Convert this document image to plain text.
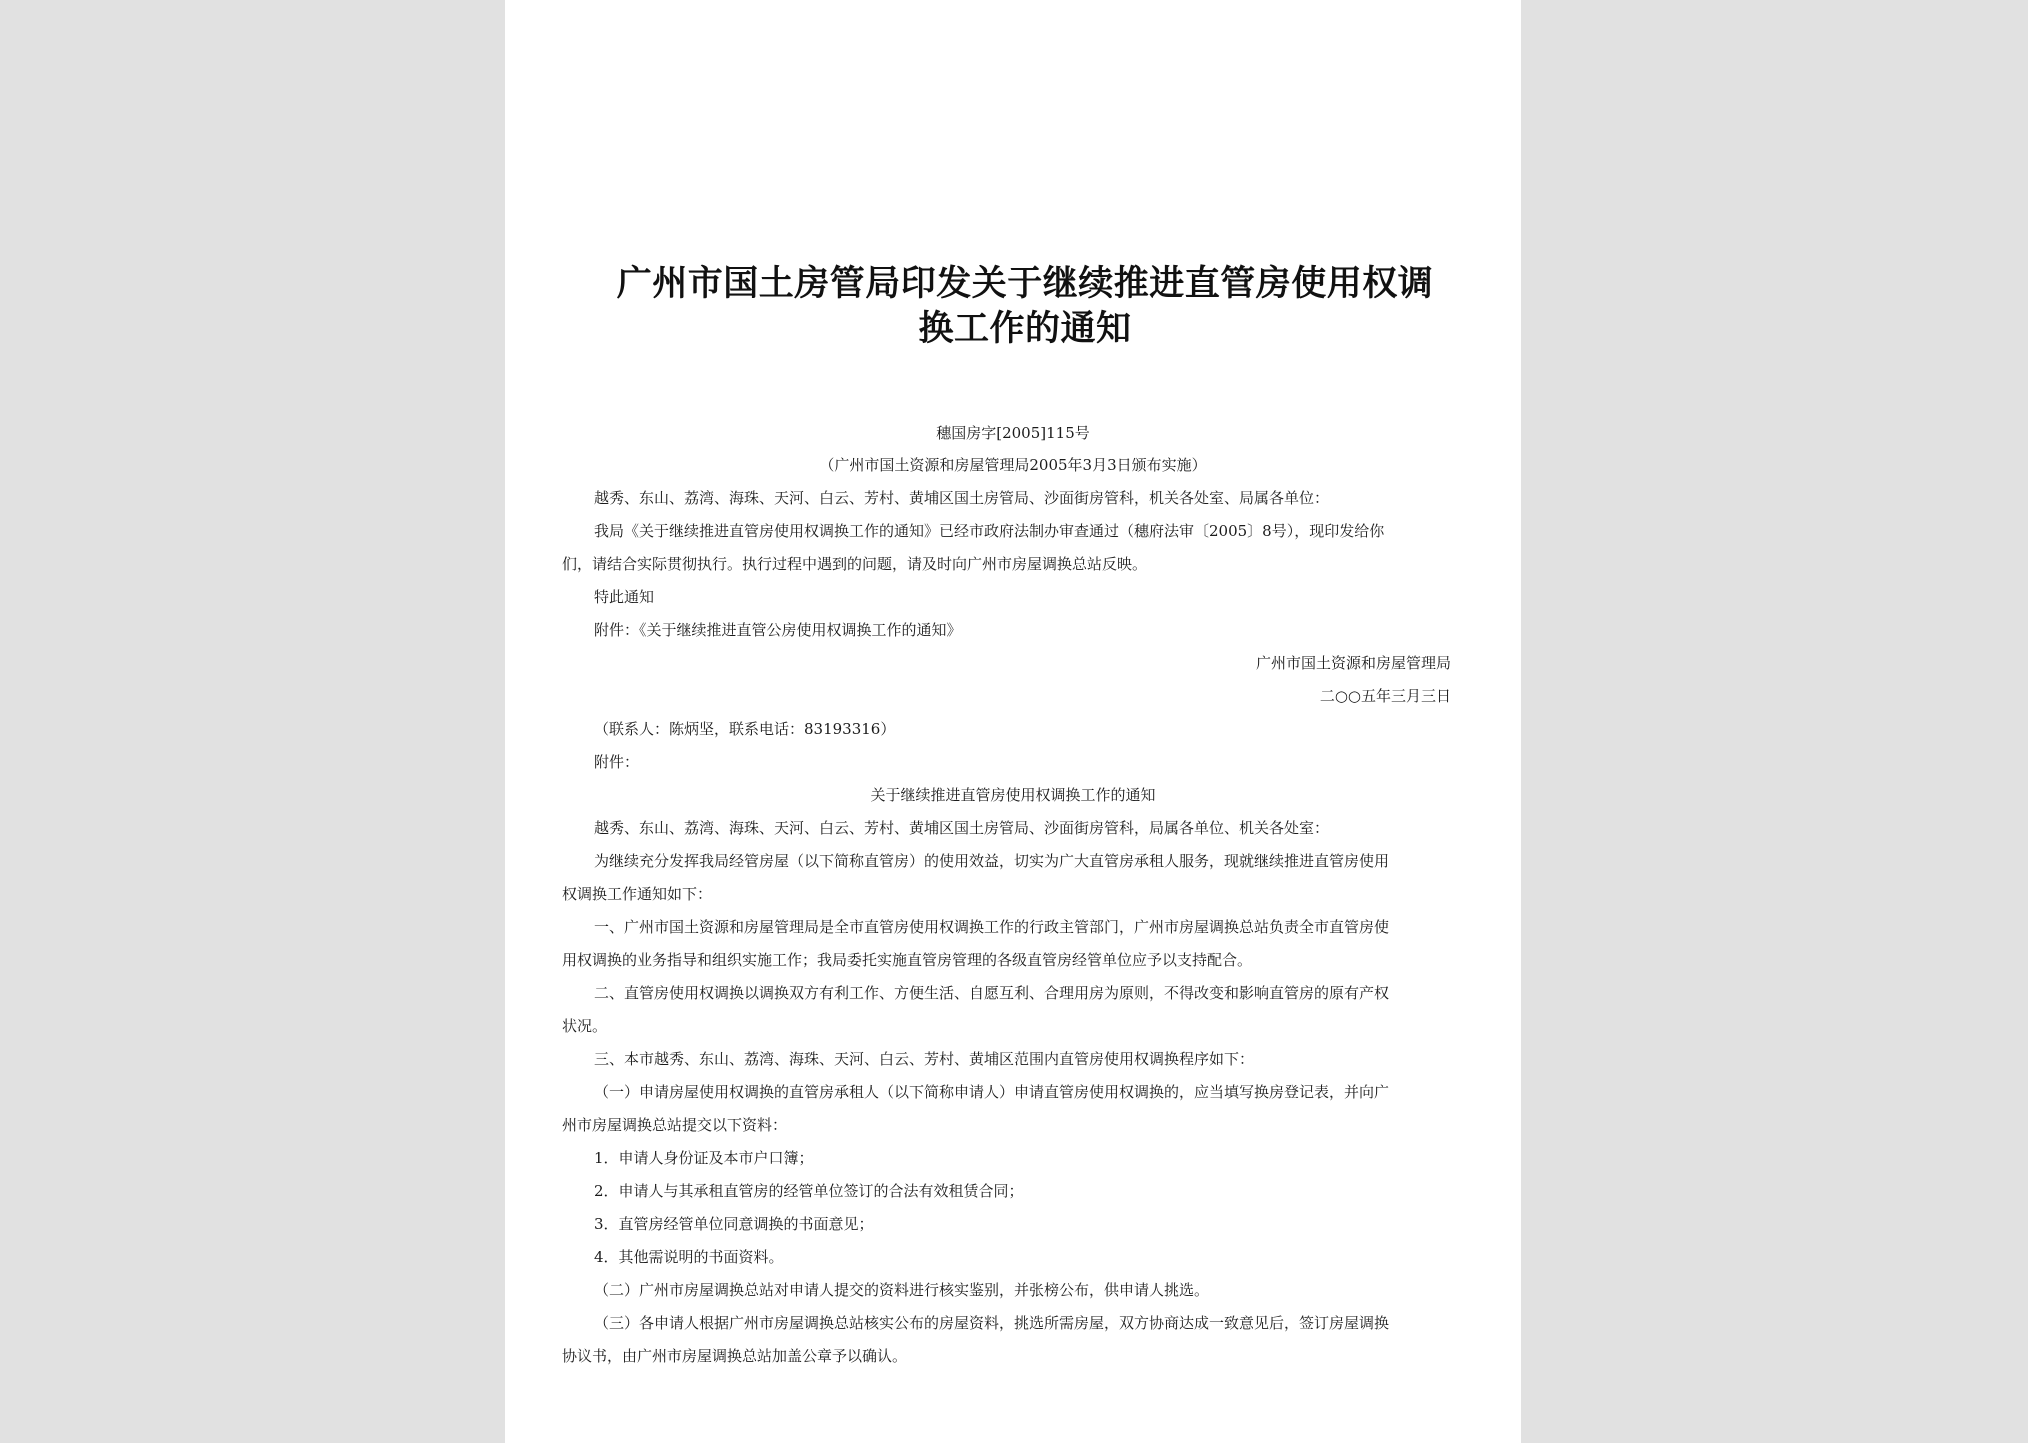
广州市国土房管局印发关于继续推进直管房使用权调
换工作的通知
穗国房字[2005]115号
（广州市国土资源和房屋管理局2005年3月3日颁布实施）
越秀、东山、荔湾、海珠、天河、白云、芳村、黄埔区国土房管局、沙面街房管科，机关各处室、局属各单位：
我局《关于继续推进直管房使用权调换工作的通知》已经市政府法制办审查通过（穗府法审〔2005〕8号），现印发给你
们，请结合实际贯彻执行。执行过程中遇到的问题，请及时向广州市房屋调换总站反映。
特此通知
附件：《关于继续推进直管公房使用权调换工作的通知》
广州市国土资源和房屋管理局
二○○五年三月三日
（联系人：陈炳坚，联系电话：83193316）
附件：
关于继续推进直管房使用权调换工作的通知
越秀、东山、荔湾、海珠、天河、白云、芳村、黄埔区国土房管局、沙面街房管科，局属各单位、机关各处室：
为继续充分发挥我局经管房屋（以下简称直管房）的使用效益，切实为广大直管房承租人服务，现就继续推进直管房使用
权调换工作通知如下：
一、广州市国土资源和房屋管理局是全市直管房使用权调换工作的行政主管部门，广州市房屋调换总站负责全市直管房使
用权调换的业务指导和组织实施工作；我局委托实施直管房管理的各级直管房经管单位应予以支持配合。
二、直管房使用权调换以调换双方有利工作、方便生活、自愿互利、合理用房为原则，不得改变和影响直管房的原有产权
状况。
三、本市越秀、东山、荔湾、海珠、天河、白云、芳村、黄埔区范围内直管房使用权调换程序如下：
（一）申请房屋使用权调换的直管房承租人（以下简称申请人）申请直管房使用权调换的，应当填写换房登记表，并向广
州市房屋调换总站提交以下资料：
1．申请人身份证及本市户口簿；
2．申请人与其承租直管房的经管单位签订的合法有效租赁合同；
3．直管房经管单位同意调换的书面意见；
4．其他需说明的书面资料。
（二）广州市房屋调换总站对申请人提交的资料进行核实鉴别，并张榜公布，供申请人挑选。
（三）各申请人根据广州市房屋调换总站核实公布的房屋资料，挑选所需房屋，双方协商达成一致意见后，签订房屋调换
协议书，由广州市房屋调换总站加盖公章予以确认。
